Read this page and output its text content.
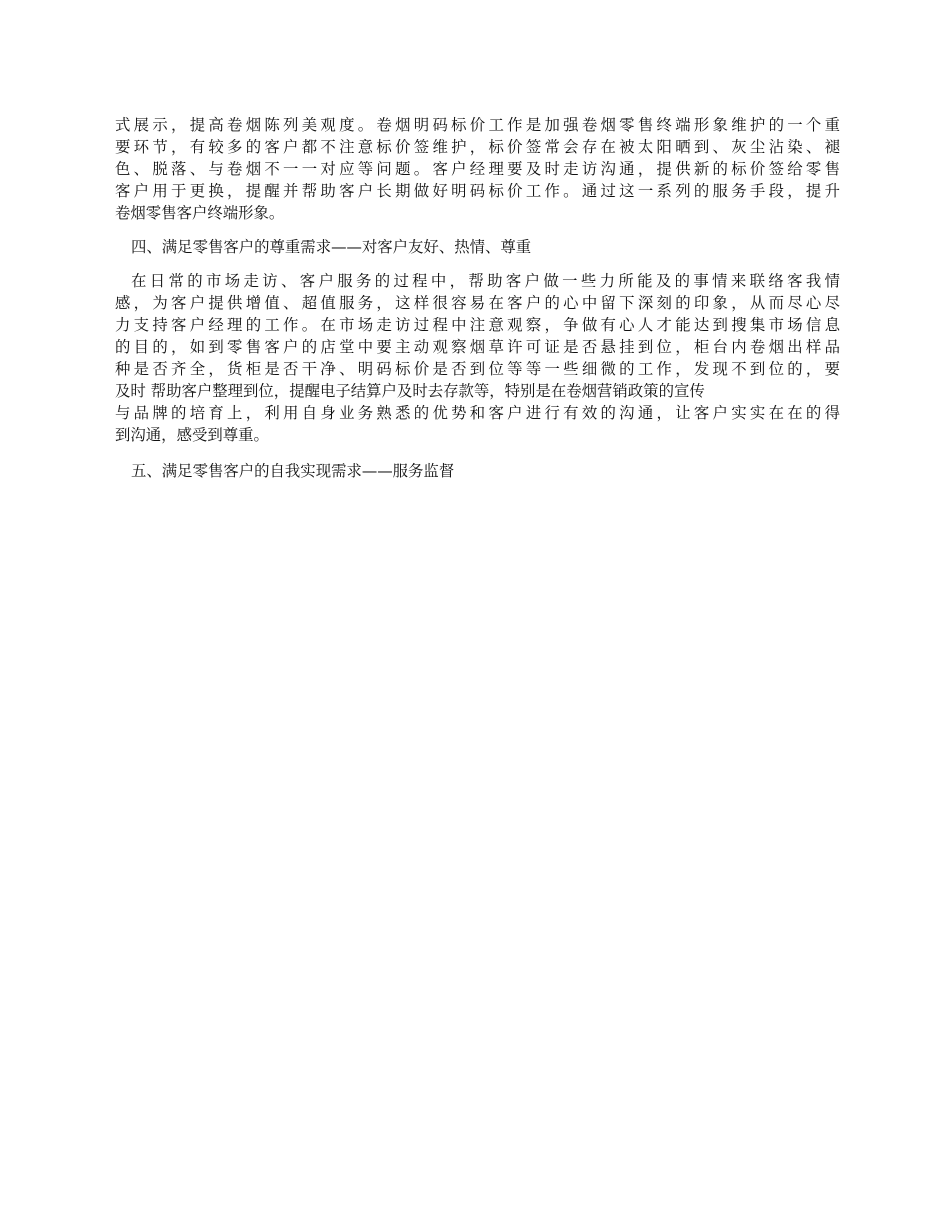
式展示，提高卷烟陈列美观度。卷烟明码标价工作是加强卷烟零售终端形象维护的一个重
要环节，有较多的客户都不注意标价签维护，标价签常会存在被太阳晒到、灰尘沾染、褪
色、脱落、与卷烟不一一对应等问题。客户经理要及时走访沟通，提供新的标价签给零售
客户用于更换，提醒并帮助客户长期做好明码标价工作。通过这一系列的服务手段，提升
卷烟零售客户终端形象。
四、满足零售客户的尊重需求——对客户友好、热情、尊重
在日常的市场走访、客户服务的过程中，帮助客户做一些力所能及的事情来联络客我情
感，为客户提供增值、超值服务，这样很容易在客户的心中留下深刻的印象，从而尽心尽
力支持客户经理的工作。在市场走访过程中注意观察，争做有心人才能达到搜集市场信息
的目的，如到零售客户的店堂中要主动观察烟草许可证是否悬挂到位，柜台内卷烟出样品
种是否齐全，货柜是否干净、明码标价是否到位等等一些细微的工作，发现不到位的，要
及时 帮助客户整理到位，提醒电子结算户及时去存款等，特别是在卷烟营销政策的宣传
与品牌的培育上，利用自身业务熟悉的优势和客户进行有效的沟通，让客户实实在在的得
到沟通，感受到尊重。
五、满足零售客户的自我实现需求——服务监督
